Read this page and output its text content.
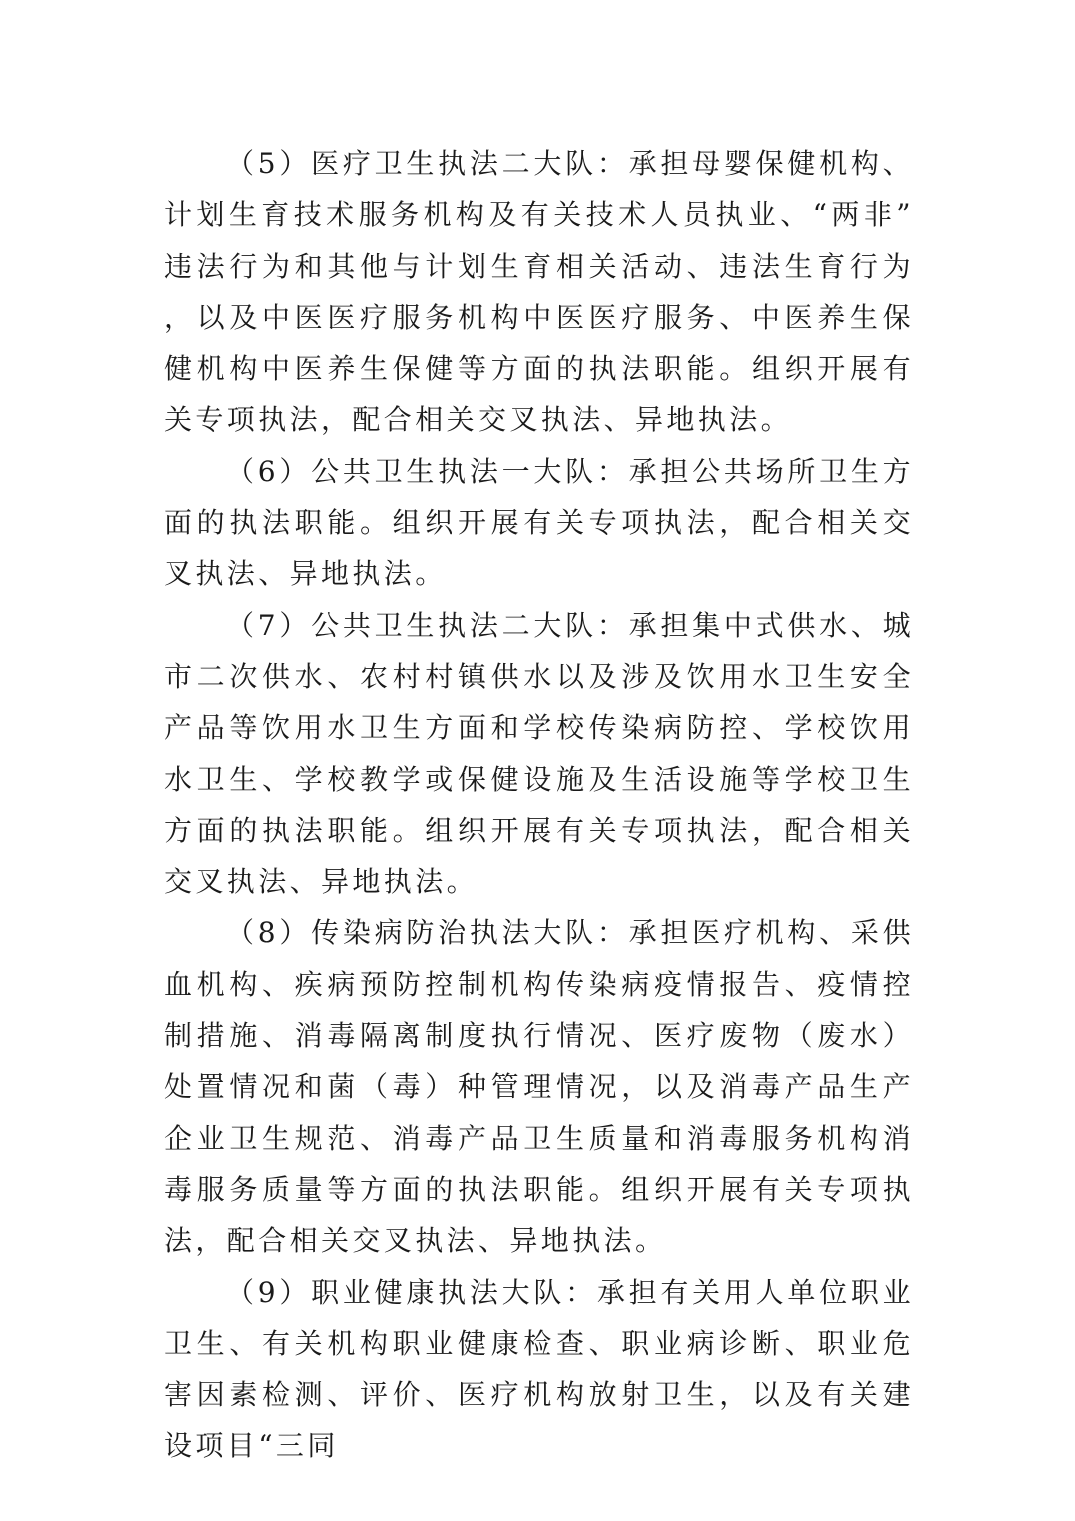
（5）医疗卫生执法二大队：承担母婴保健机构、计划生育技术服务机构及有关技术人员执业、“两非”违法行为和其他与计划生育相关活动、违法生育行为，以及中医医疗服务机构中医医疗服务、中医养生保健机构中医养生保健等方面的执法职能。组织开展有关专项执法，配合相关交叉执法、异地执法。

（6）公共卫生执法一大队：承担公共场所卫生方面的执法职能。组织开展有关专项执法，配合相关交叉执法、异地执法。

（7）公共卫生执法二大队：承担集中式供水、城市二次供水、农村村镇供水以及涉及饮用水卫生安全产品等饮用水卫生方面和学校传染病防控、学校饮用水卫生、学校教学或保健设施及生活设施等学校卫生方面的执法职能。组织开展有关专项执法，配合相关交叉执法、异地执法。

（8）传染病防治执法大队：承担医疗机构、采供血机构、疾病预防控制机构传染病疫情报告、疫情控制措施、消毒隔离制度执行情况、医疗废物（废水）处置情况和菌（毒）种管理情况，以及消毒产品生产企业卫生规范、消毒产品卫生质量和消毒服务机构消毒服务质量等方面的执法职能。组织开展有关专项执法，配合相关交叉执法、异地执法。

（9）职业健康执法大队：承担有关用人单位职业卫生、有关机构职业健康检查、职业病诊断、职业危害因素检测、评价、医疗机构放射卫生，以及有关建设项目“三同
